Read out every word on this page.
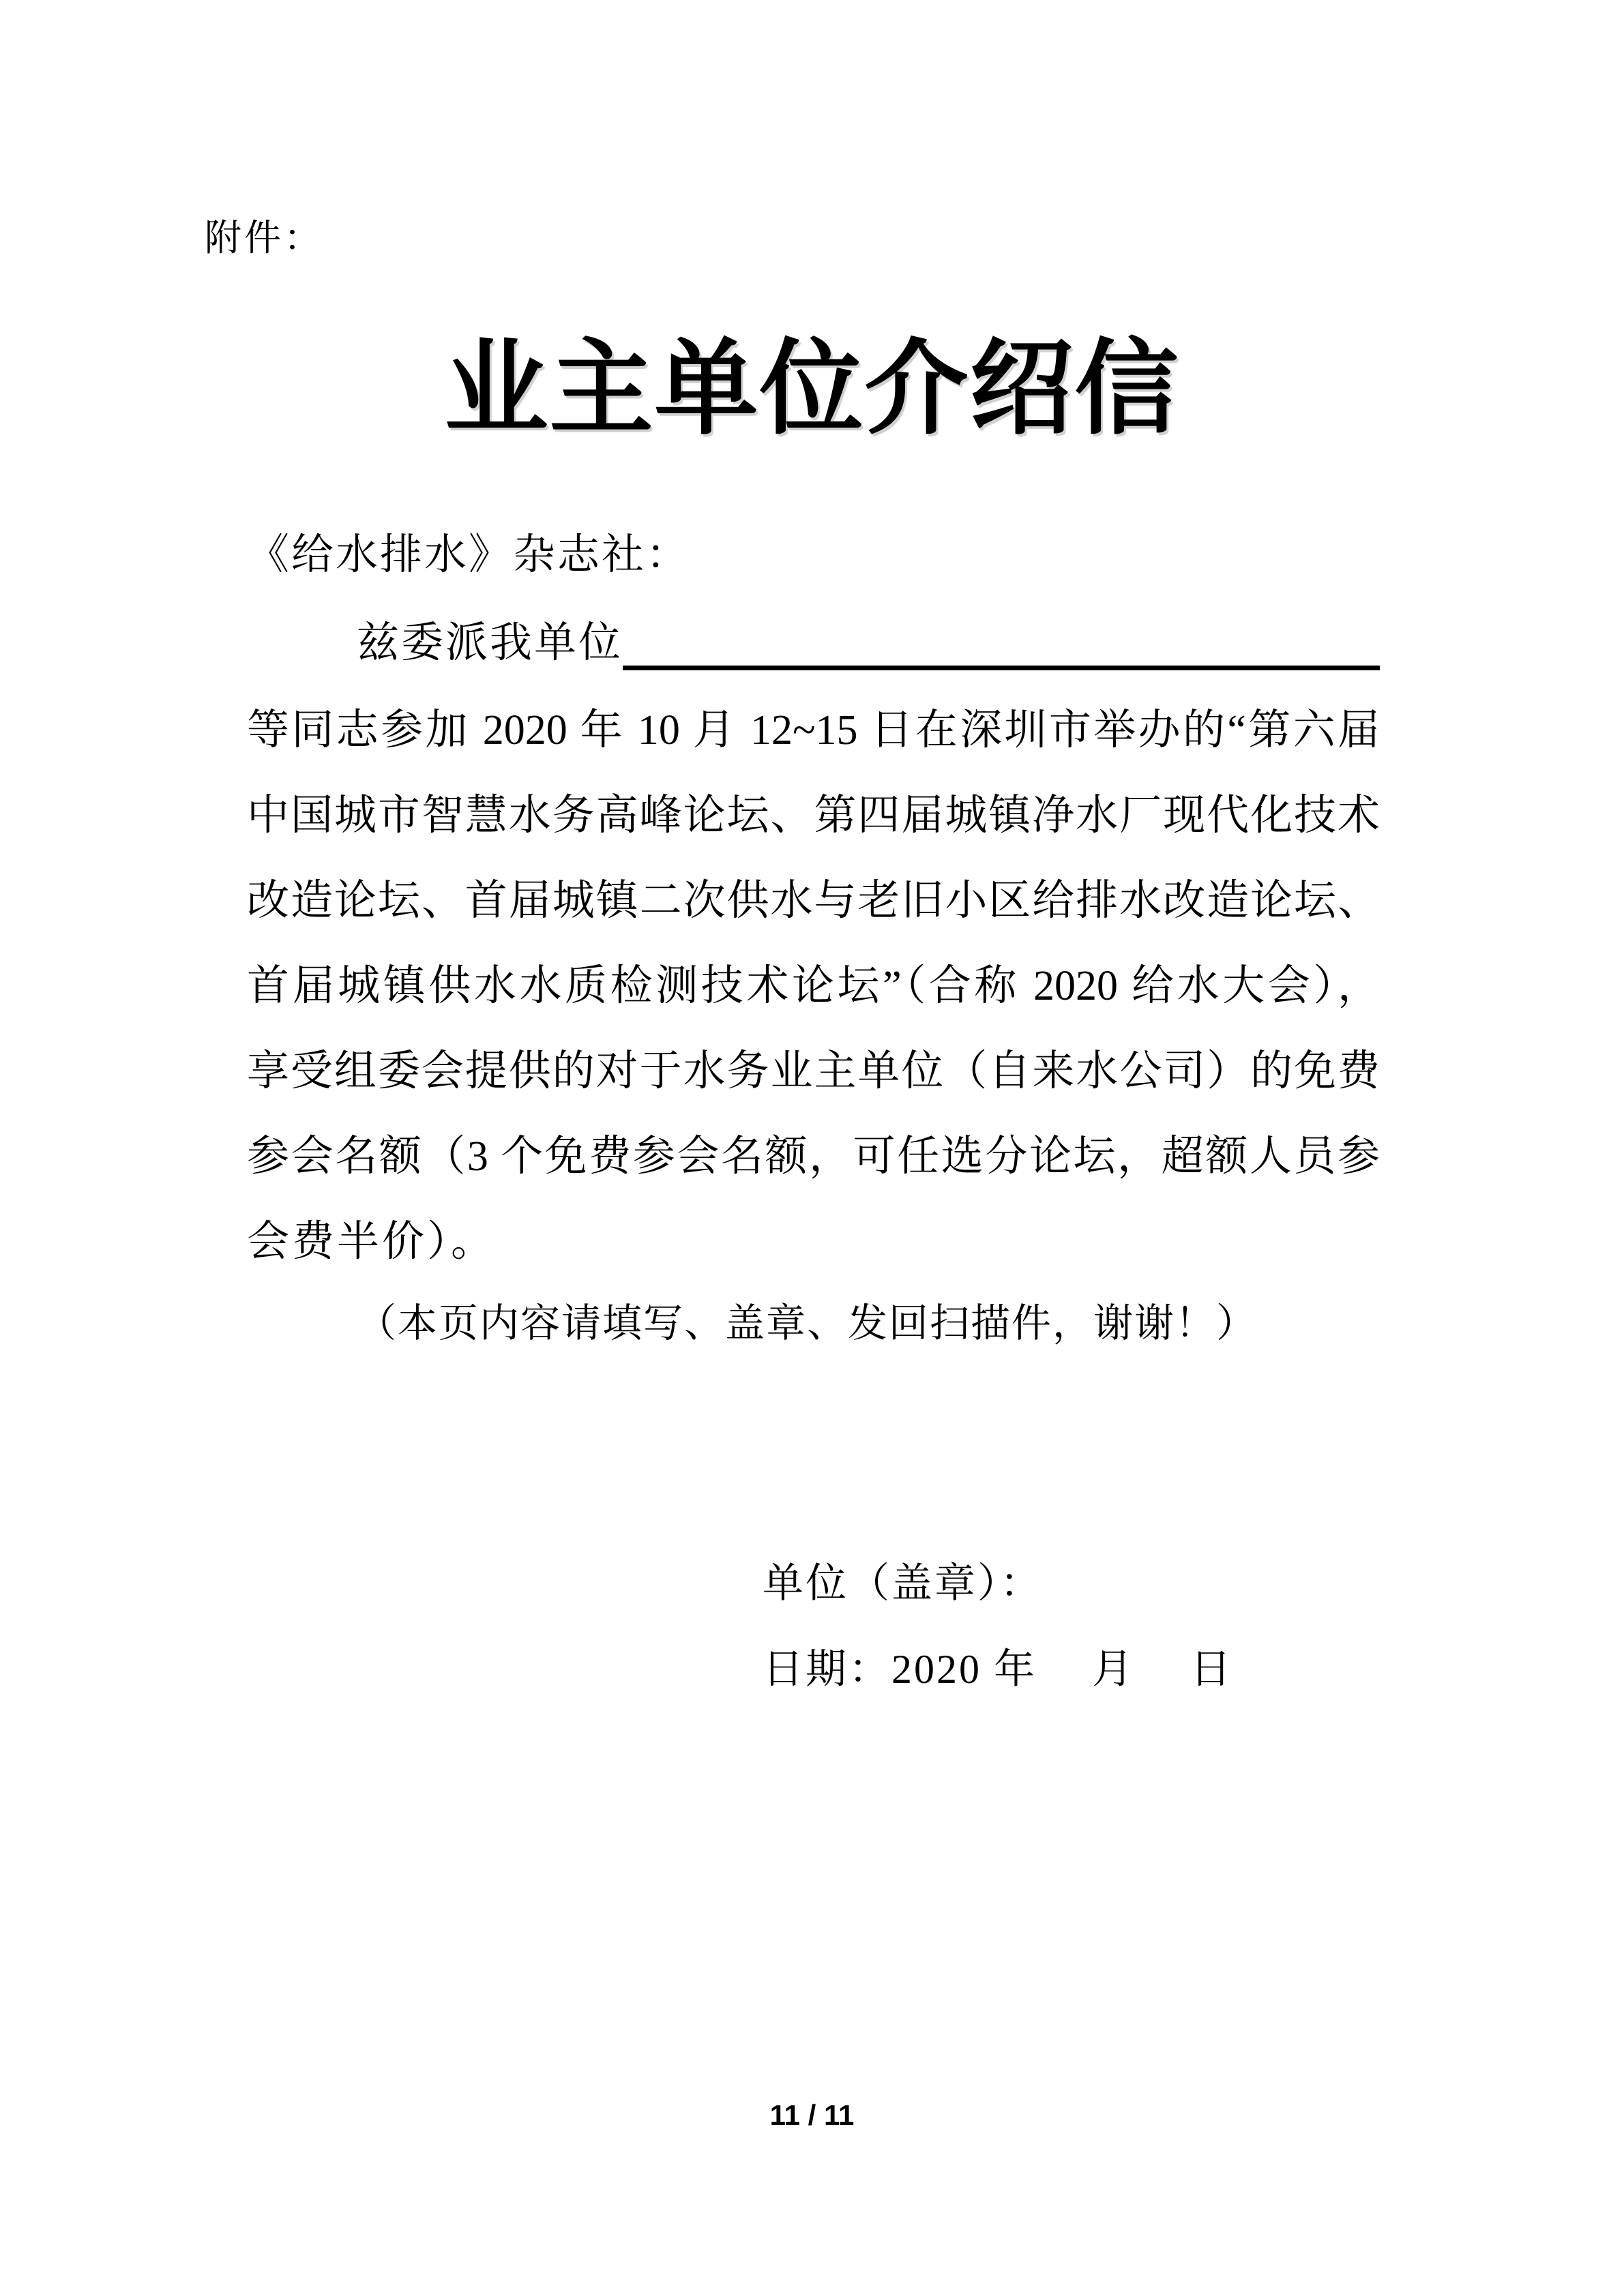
附件：
业主单位介绍信
《给水排水》杂志社：
兹委派我单位
等同志参加 2020 年 10 月 12~15 日在深圳市举办的“第六届
中国城市智慧水务高峰论坛、第四届城镇净水厂现代化技术
改造论坛、首届城镇二次供水与老旧小区给排水改造论坛、
首届城镇供水水质检测技术论坛”（合称 2020 给水大会），
享受组委会提供的对于水务业主单位（自来水公司）的免费
参会名额（3 个免费参会名额，可任选分论坛，超额人员参
会费半价）。
（本页内容请填写、盖章、发回扫描件，谢谢！）
单位（盖章）：
日期：2020 年　 月　 日
11 / 11
